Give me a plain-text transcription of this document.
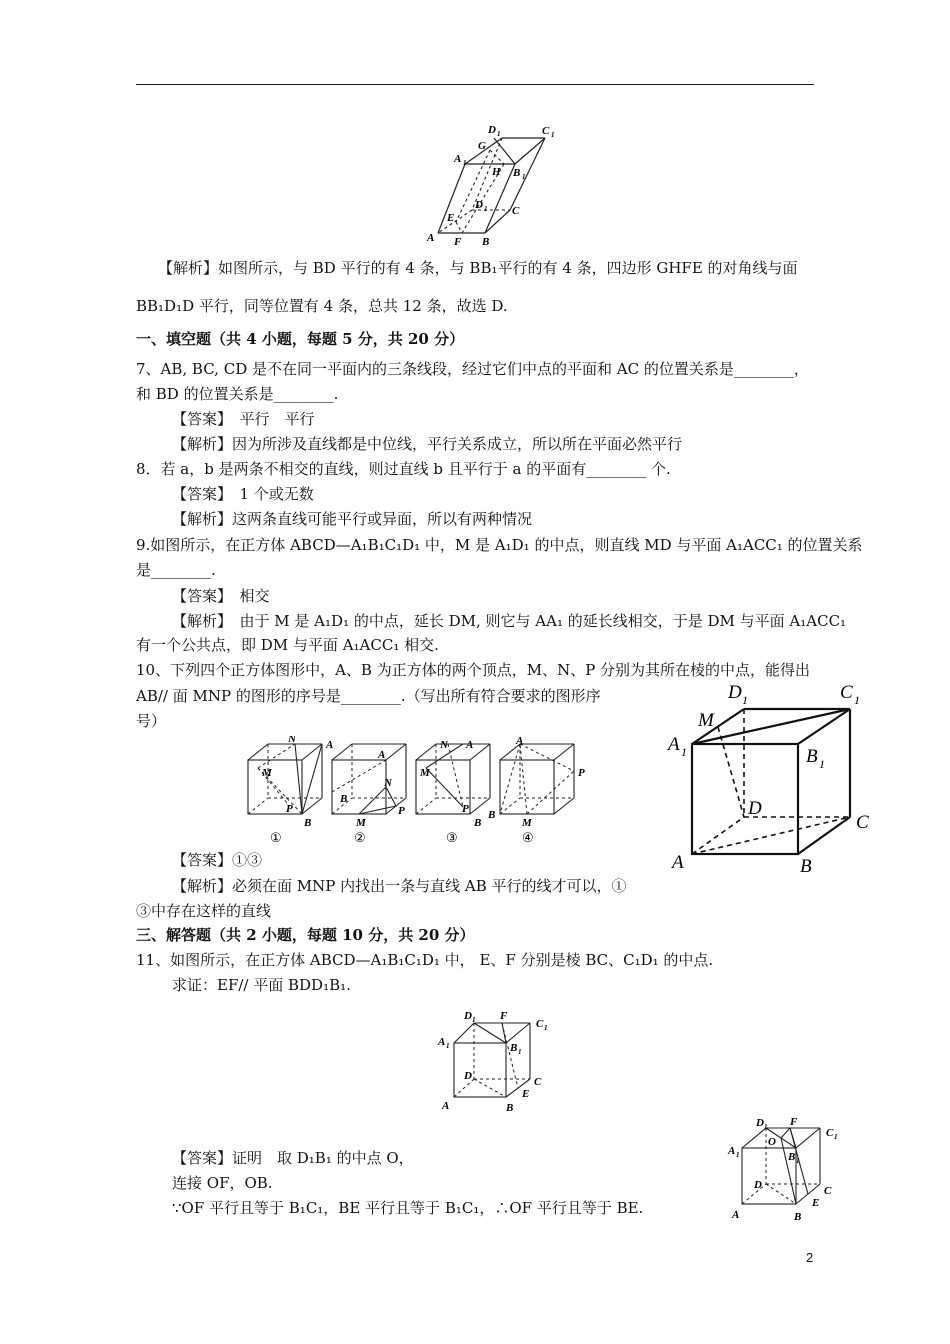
D 1	C 1
A 1
G
H B 1
D 1
E
C
A F B
【解析】如图所示，与 BD 平行的有 4 条，与 BB₁平行的有 4 条，四边形 GHFE 的对角线与面
BB₁D₁D 平行，同等位置有 4 条，总共 12 条，故选 D.
一、填空题（共 4 小题，每题 5 分，共 20 分）
7、AB, BC, CD 是不在同一平面内的三条线段，经过它们中点的平面和 AC 的位置关系是________，
和 BD 的位置关系是________.
【答案】　平行　平行
【解析】因为所涉及直线都是中位线，平行关系成立，所以所在平面必然平行
8．若 a，b 是两条不相交的直线，则过直线 b 且平行于 a 的平面有________ 个.
【答案】　1 个或无数
【解析】这两条直线可能平行或异面，所以有两种情况
9.如图所示，在正方体 ABCD—A₁B₁C₁D₁ 中，M 是 A₁D₁ 的中点，则直线 MD 与平面 A₁ACC₁ 的位置关系
是________.
【答案】　相交
【解析】　由于 M 是 A₁D₁ 的中点，延长 DM, 则它与 AA₁ 的延长线相交，于是 DM 与平面 A₁ACC₁
有一个公共点，即 DM 与平面 A₁ACC₁ 相交.
10、下列四个正方体图形中，A、B 为正方体的两个顶点，M、N、P 分别为其所在棱的中点，能得出
AB// 面 MNP 的图形的序号是________.（写出所有符合要求的图形序
号）
N	A
M
P
B
A
N
B
P
M
N A
M
P
B
A
P
B
M
①	②	③	④
D 1	C 1
M
A 1	B 1
D
C
A	B
【答案】①③
【解析】必须在面 MNP 内找出一条与直线 AB 平行的线才可以，①
③中存在这样的直线
三、解答题（共 2 小题，每题 10 分，共 20 分）
11、如图所示，在正方体 ABCD—A₁B₁C₁D₁ 中， E、F 分别是棱 BC、C₁D₁ 的中点.
求证：EF// 平面 BDD₁B₁.
D 1 F
C 1
A 1	B 1
D	C
E
A	B
【答案】证明　取 D₁B₁ 的中点 O，
连接 OF，OB.
∵OF 平行且等于 B₁C₁，BE 平行且等于 B₁C₁，∴OF 平行且等于 BE.
D 1 F
C 1
A 1
O
B 1
D	C
E
A	B
2
